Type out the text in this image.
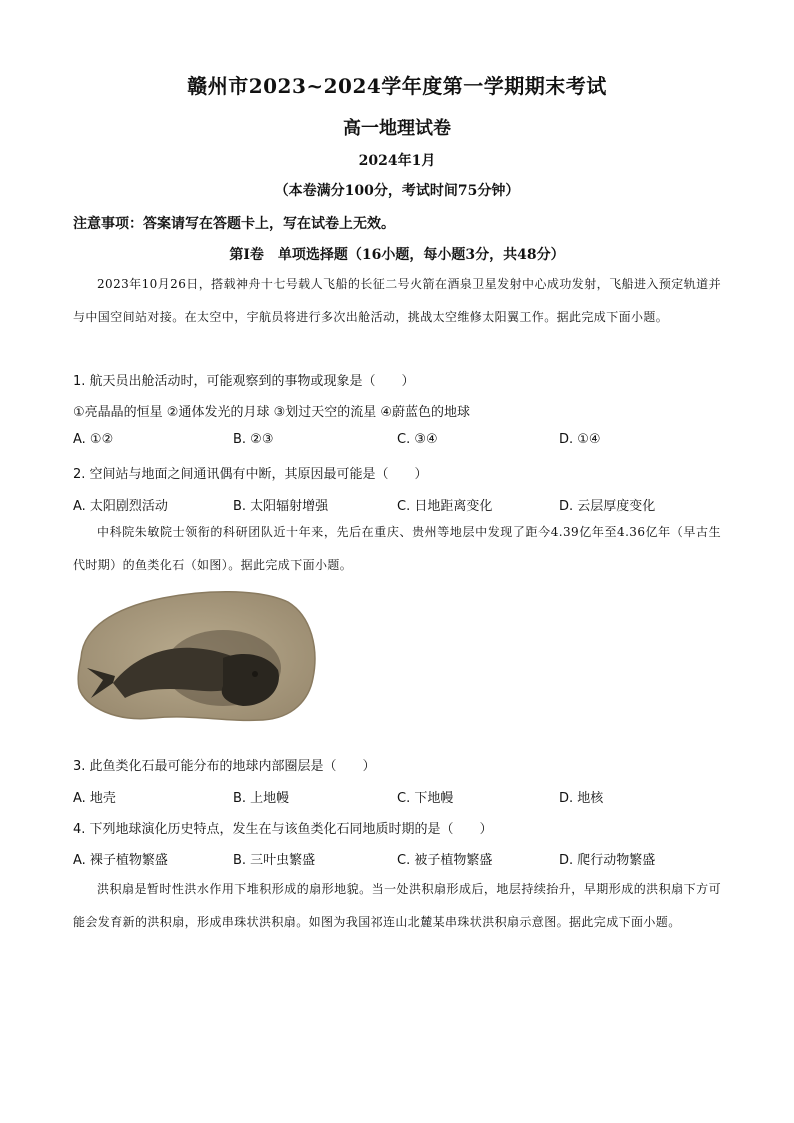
赣州市2023~2024学年度第一学期期末考试
高一地理试卷
2024年1月
（本卷满分100分，考试时间75分钟）
注意事项：答案请写在答题卡上，写在试卷上无效。
第Ⅰ卷　单项选择题（16小题，每小题3分，共48分）
2023年10月26日，搭载神舟十七号载人飞船的长征二号火箭在酒泉卫星发射中心成功发射，飞船进入预定轨道并与中国空间站对接。在太空中，宇航员将进行多次出舱活动，挑战太空维修太阳翼工作。据此完成下面小题。
1. 航天员出舱活动时，可能观察到的事物或现象是（　　）
①亮晶晶的恒星 ②通体发光的月球 ③划过天空的流星 ④蔚蓝色的地球
A. ①②	B. ②③	C. ③④	D. ①④
2. 空间站与地面之间通讯偶有中断，其原因最可能是（　　）
A. 太阳剧烈活动	B. 太阳辐射增强	C. 日地距离变化	D. 云层厚度变化
中科院朱敏院士领衔的科研团队近十年来，先后在重庆、贵州等地层中发现了距今4.39亿年至4.36亿年（早古生代时期）的鱼类化石（如图）。据此完成下面小题。
3. 此鱼类化石最可能分布的地球内部圈层是（　　）
A. 地壳	B. 上地幔	C. 下地幔	D. 地核
4. 下列地球演化历史特点，发生在与该鱼类化石同地质时期的是（　　）
A. 裸子植物繁盛	B. 三叶虫繁盛	C. 被子植物繁盛	D. 爬行动物繁盛
洪积扇是暂时性洪水作用下堆积形成的扇形地貌。当一处洪积扇形成后，地层持续抬升，早期形成的洪积扇下方可能会发育新的洪积扇，形成串珠状洪积扇。如图为我国祁连山北麓某串珠状洪积扇示意图。据此完成下面小题。
